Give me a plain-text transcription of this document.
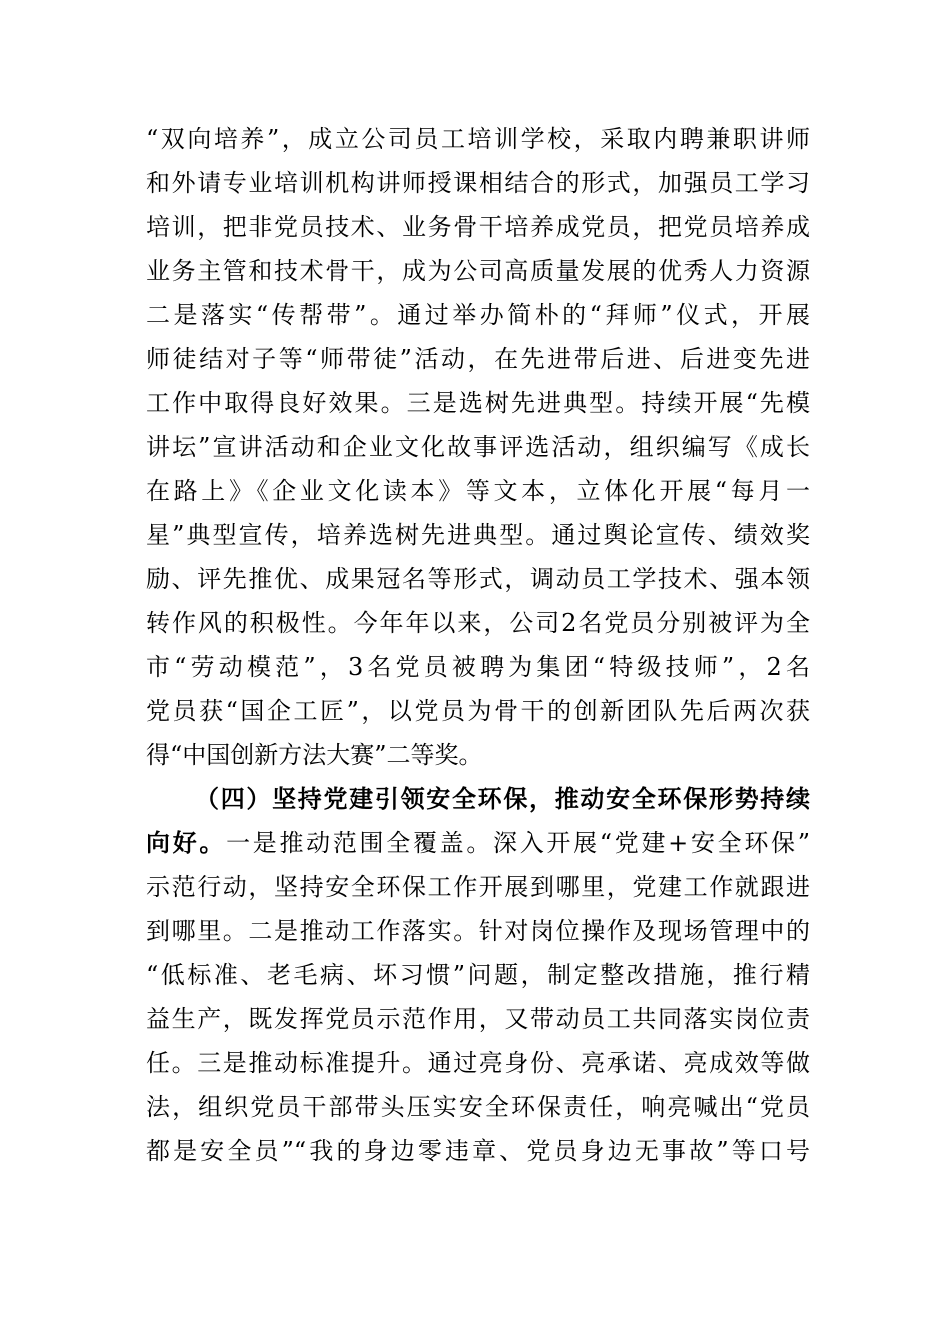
“双向培养”，成立公司员工培训学校，采取内聘兼职讲师
和外请专业培训机构讲师授课相结合的形式，加强员工学习
培训，把非党员技术、业务骨干培养成党员，把党员培养成
业务主管和技术骨干，成为公司高质量发展的优秀人力资源
二是落实“传帮带”。通过举办简朴的“拜师”仪式，开展
师徒结对子等“师带徒”活动，在先进带后进、后进变先进
工作中取得良好效果。三是选树先进典型。持续开展“先模
讲坛”宣讲活动和企业文化故事评选活动，组织编写《成长
在路上》《企业文化读本》等文本，立体化开展“每月一
星”典型宣传，培养选树先进典型。通过舆论宣传、绩效奖
励、评先推优、成果冠名等形式，调动员工学技术、强本领
转作风的积极性。今年年以来，公司2名党员分别被评为全
市“劳动模范”，3名党员被聘为集团“特级技师”，2名
党员获“国企工匠”，以党员为骨干的创新团队先后两次获
得“中国创新方法大赛”二等奖。
（四）坚持党建引领安全环保，推动安全环保形势持续
向好。一是推动范围全覆盖。深入开展“党建+安全环保”
示范行动，坚持安全环保工作开展到哪里，党建工作就跟进
到哪里。二是推动工作落实。针对岗位操作及现场管理中的
“低标准、老毛病、坏习惯”问题，制定整改措施，推行精
益生产，既发挥党员示范作用，又带动员工共同落实岗位责
任。三是推动标准提升。通过亮身份、亮承诺、亮成效等做
法，组织党员干部带头压实安全环保责任，响亮喊出“党员
都是安全员”“我的身边零违章、党员身边无事故”等口号
